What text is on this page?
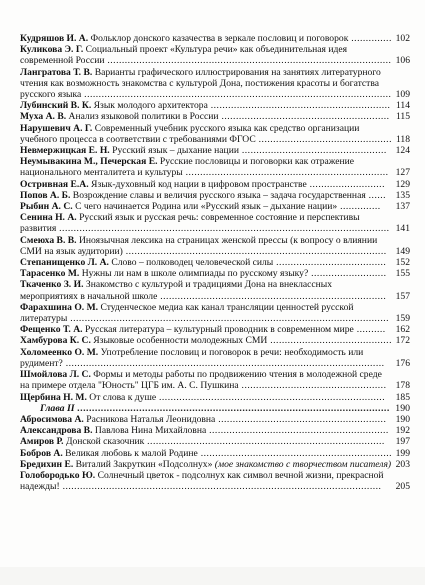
Кудряшов И. А. Фольклор донского казачества в зеркале пословиц и поговорок .............. 102
Куликова Э. Г. Социальный проект «Культура речи» как объединительная идея современной России .................................................................................................. 106
Лангратова Т. В. Варианты графического иллюстрирования на занятиях литературного чтения как возможность знакомства с культурой Дона, постижения красоты и богатства русского языка .......................................................................................................... 109
Лубинский В. К. Язык молодого архитектора .............................................................. 114
Муха А. В. Анализ языковой политики в России .......................................................... 115
Нарушевич А. Г. Современный учебник русского языка как средство организации учебного процесса в соответствии с требованиями ФГОС .............................................. 118
Невмержицкая Е. Н. Русский язык – дыхание нации .................................................. 124
Неумывакина М., Печерская Е. Русские пословицы и поговорки как отражение национального менталитета и культуры ...................................................................... 127
Остривная Е.А. Язык-духовный код нации в цифровом пространстве ..........................	129
Попов А. Б. Возрождение славы и величия русского языка – задача государственная ...... 135
Рыбин А. С. С чего начинается Родина или «Русский язык – дыхание нации» ..............	137
Сенина Н. А. Русский язык и русская речь: современное состояние и перспективы развития .................................................................................................................. 141
Смеюха В. В. Иноязычная лексика на страницах женской прессы (к вопросу о влиянии СМИ на язык аудитории) .......................................................................................... 149
Степанищенко Л. А. Слово – полководец человеческой силы ...................................... 152
Тарасенко М. Нужны ли нам в школе олимпиады по русскому языку? .......................... 155
Ткаченко З. И. Знакомство с культурой и традициями Дона на внеклассных мероприятиях в начальной школе .............................................................................. 157
Фарахшина О. М. Студенческое медиа как канал трансляции ценностей русской литературы .............................................................................................................. 159
Фещенко Т. А. Русская литература – культурный проводник в современном мире ..........	162
Хамбурова К. С. Языковые особенности молодежных СМИ .......................................... 172
Холомеенко О. М. Употребление пословиц и поговорок в речи: необходимость или рудимент? ..............................................................................................................	176
Шмойлова Л. С. Формы и методы работы по продвижению чтения в молодежной среде на примере отдела "Юность" ЦГБ им. А. С. Пушкина .................................................. 178
Щербина Н. М. От слова к душе ..............................................................................	185
Глава II .......................................................................................................... 190
Абросимова А. Расникова Наталья Леонидовна .......................................................... 190
Александрова В. Павлова Нина Михайловна .............................................................. 192
Амиров Р. Донской сказочник ..................................................................................	197
Бобров А. Великая любовь к малой Родине .................................................................. 199
Бредихин Е. Виталий Закруткин «Подсолнух» (мое знакомство с творчеством писателя) 203
Голобородько Ю. Солнечный цветок - подсолнух как символ вечной жизни, прекрасной надежды! ..............................................................................................................	205
